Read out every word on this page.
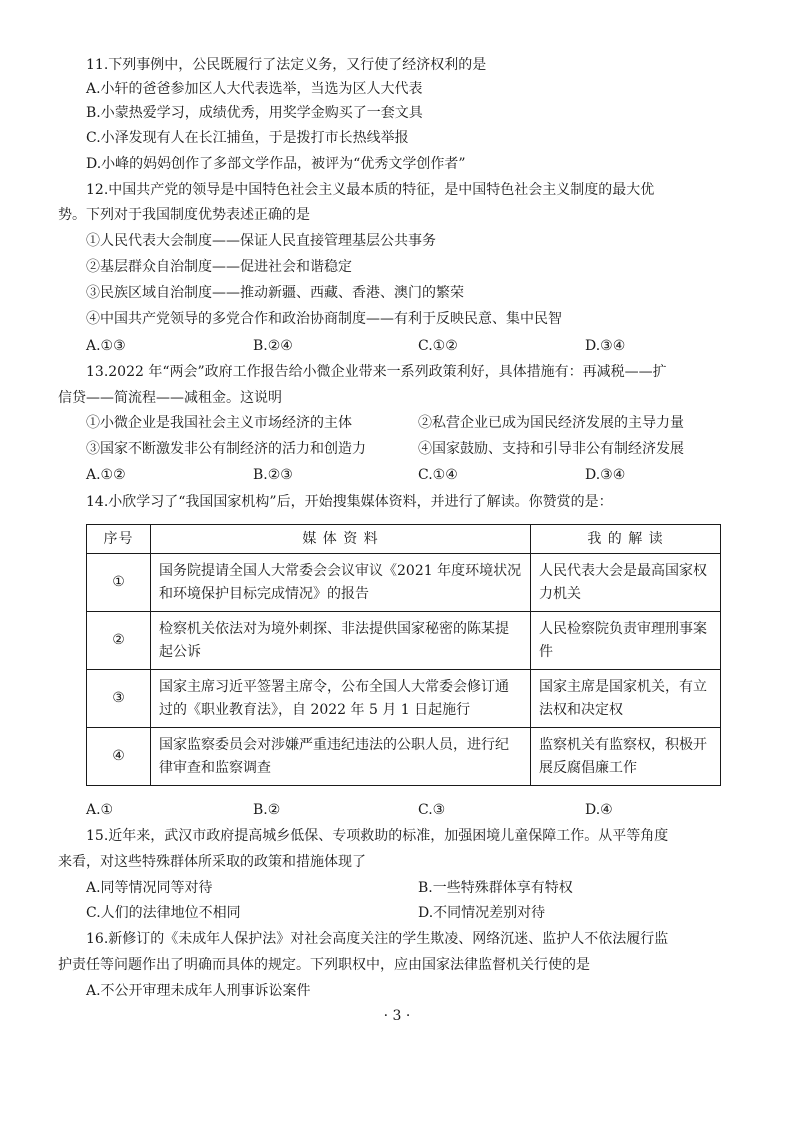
11.下列事例中，公民既履行了法定义务，又行使了经济权利的是
A.小轩的爸爸参加区人大代表选举，当选为区人大代表
B.小蒙热爱学习，成绩优秀，用奖学金购买了一套文具
C.小泽发现有人在长江捕鱼，于是拨打市长热线举报
D.小峰的妈妈创作了多部文学作品，被评为“优秀文学创作者”
12.中国共产党的领导是中国特色社会主义最本质的特征，是中国特色社会主义制度的最大优
势。下列对于我国制度优势表述正确的是
①人民代表大会制度——保证人民直接管理基层公共事务
②基层群众自治制度——促进社会和谐稳定
③民族区域自治制度——推动新疆、西藏、香港、澳门的繁荣
④中国共产党领导的多党合作和政治协商制度——有利于反映民意、集中民智
A.①③	B.②④	C.①②	D.③④
13.2022 年“两会”政府工作报告给小微企业带来一系列政策利好，具体措施有：再减税——扩
信贷——简流程——减租金。这说明
①小微企业是我国社会主义市场经济的主体	②私营企业已成为国民经济发展的主导力量
③国家不断激发非公有制经济的活力和创造力	④国家鼓励、支持和引导非公有制经济发展
A.①②	B.②③	C.①④	D.③④
14.小欣学习了“我国国家机构”后，开始搜集媒体资料，并进行了解读。你赞赏的是：
序号	媒 体 资 料	我 的 解 读
①	国务院提请全国人大常委会会议审议《2021 年度环境状况和环境保护目标完成情况》的报告	人民代表大会是最高国家权力机关
②	检察机关依法对为境外刺探、非法提供国家秘密的陈某提起公诉	人民检察院负责审理刑事案件
③	国家主席习近平签署主席令，公布全国人大常委会修订通过的《职业教育法》，自 2022 年 5 月 1 日起施行	国家主席是国家机关，有立法权和决定权
④	国家监察委员会对涉嫌严重违纪违法的公职人员，进行纪律审查和监察调查	监察机关有监察权，积极开展反腐倡廉工作
A.①	B.②	C.③	D.④
15.近年来，武汉市政府提高城乡低保、专项救助的标准，加强困境儿童保障工作。从平等角度
来看，对这些特殊群体所采取的政策和措施体现了
A.同等情况同等对待	B.一些特殊群体享有特权
C.人们的法律地位不相同	D.不同情况差别对待
16.新修订的《未成年人保护法》对社会高度关注的学生欺凌、网络沉迷、监护人不依法履行监
护责任等问题作出了明确而具体的规定。下列职权中，应由国家法律监督机关行使的是
A.不公开审理未成年人刑事诉讼案件
· 3 ·
